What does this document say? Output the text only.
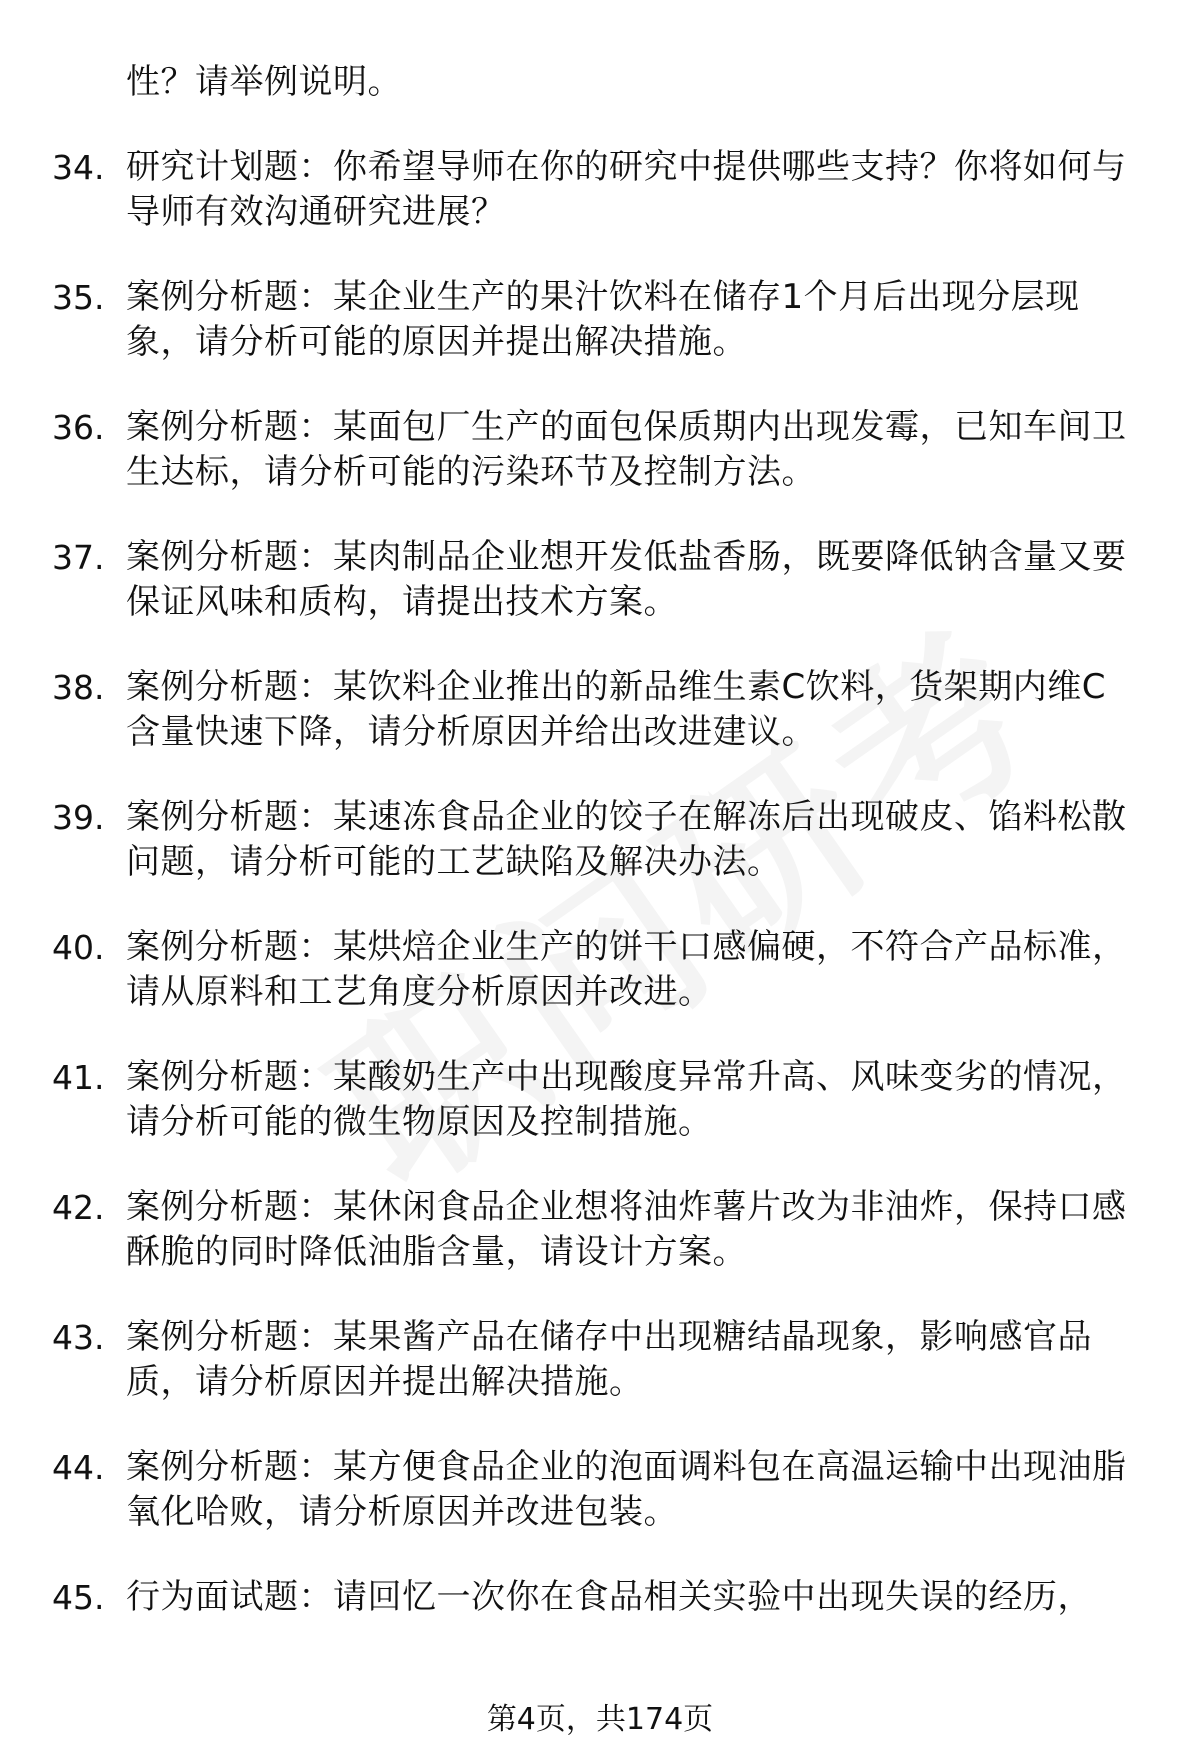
性？请举例说明。
34. 研究计划题：你希望导师在你的研究中提供哪些支持？你将如何与导师有效沟通研究进展？
35. 案例分析题：某企业生产的果汁饮料在储存1个月后出现分层现象，请分析可能的原因并提出解决措施。
36. 案例分析题：某面包厂生产的面包保质期内出现发霉，已知车间卫生达标，请分析可能的污染环节及控制方法。
37. 案例分析题：某肉制品企业想开发低盐香肠，既要降低钠含量又要保证风味和质构，请提出技术方案。
38. 案例分析题：某饮料企业推出的新品维生素C饮料，货架期内维C含量快速下降，请分析原因并给出改进建议。
39. 案例分析题：某速冻食品企业的饺子在解冻后出现破皮、馅料松散问题，请分析可能的工艺缺陷及解决办法。
40. 案例分析题：某烘焙企业生产的饼干口感偏硬，不符合产品标准，请从原料和工艺角度分析原因并改进。
41. 案例分析题：某酸奶生产中出现酸度异常升高、风味变劣的情况，请分析可能的微生物原因及控制措施。
42. 案例分析题：某休闲食品企业想将油炸薯片改为非油炸，保持口感酥脆的同时降低油脂含量，请设计方案。
43. 案例分析题：某果酱产品在储存中出现糖结晶现象，影响感官品质，请分析原因并提出解决措施。
44. 案例分析题：某方便食品企业的泡面调料包在高温运输中出现油脂氧化哈败，请分析原因并改进包装。
45. 行为面试题：请回忆一次你在食品相关实验中出现失误的经历，
第4页，共174页
